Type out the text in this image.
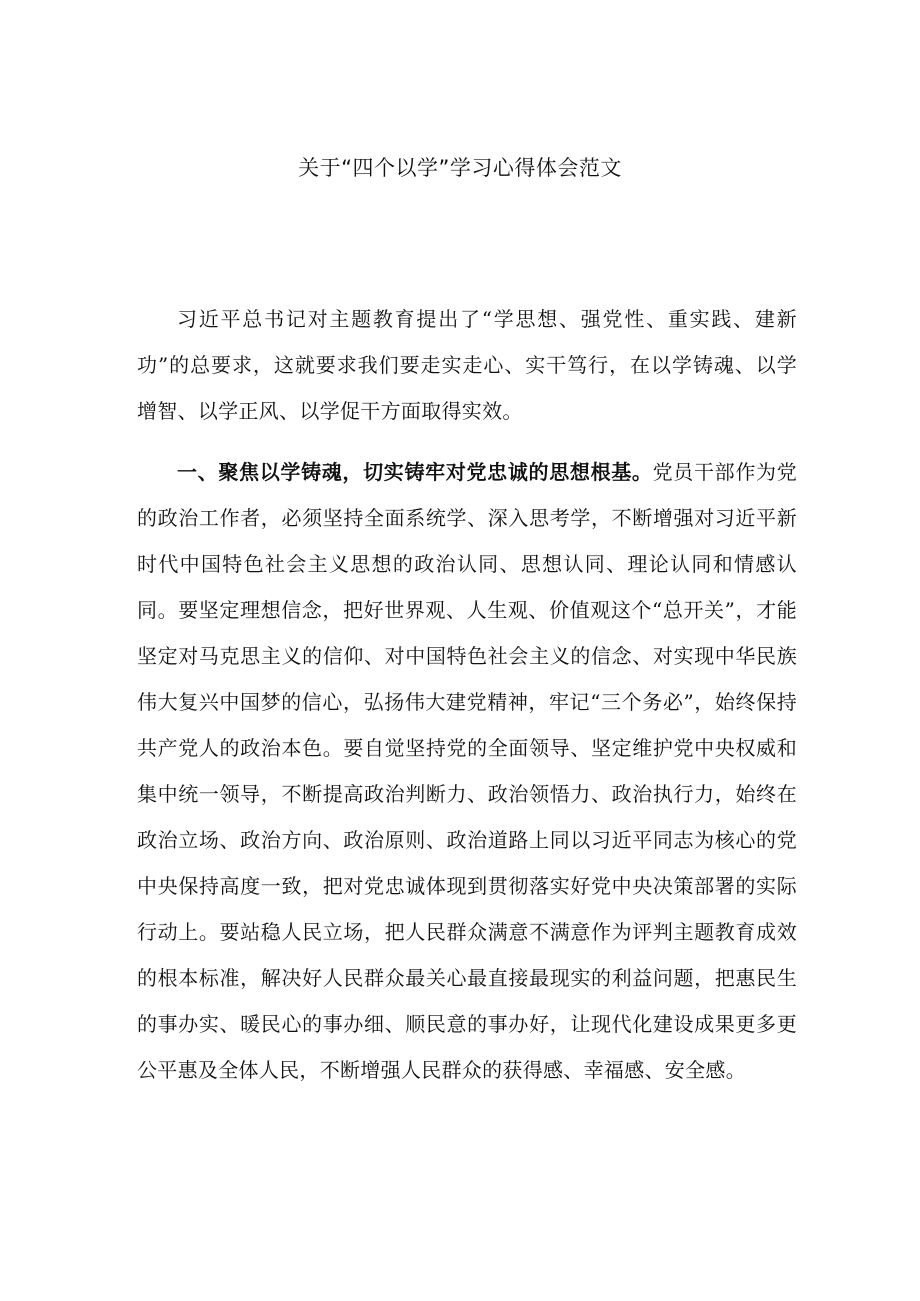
关于“四个以学”学习心得体会范文

习近平总书记对主题教育提出了“学思想、强党性、重实践、建新功”的总要求，这就要求我们要走实走心、实干笃行，在以学铸魂、以学增智、以学正风、以学促干方面取得实效。

一、聚焦以学铸魂，切实铸牢对党忠诚的思想根基。党员干部作为党的政治工作者，必须坚持全面系统学、深入思考学，不断增强对习近平新时代中国特色社会主义思想的政治认同、思想认同、理论认同和情感认同。要坚定理想信念，把好世界观、人生观、价值观这个“总开关”，才能坚定对马克思主义的信仰、对中国特色社会主义的信念、对实现中华民族伟大复兴中国梦的信心，弘扬伟大建党精神，牢记“三个务必”，始终保持共产党人的政治本色。要自觉坚持党的全面领导、坚定维护党中央权威和集中统一领导，不断提高政治判断力、政治领悟力、政治执行力，始终在政治立场、政治方向、政治原则、政治道路上同以习近平同志为核心的党中央保持高度一致，把对党忠诚体现到贯彻落实好党中央决策部署的实际行动上。要站稳人民立场，把人民群众满意不满意作为评判主题教育成效的根本标准，解决好人民群众最关心最直接最现实的利益问题，把惠民生的事办实、暖民心的事办细、顺民意的事办好，让现代化建设成果更多更公平惠及全体人民，不断增强人民群众的获得感、幸福感、安全感。
